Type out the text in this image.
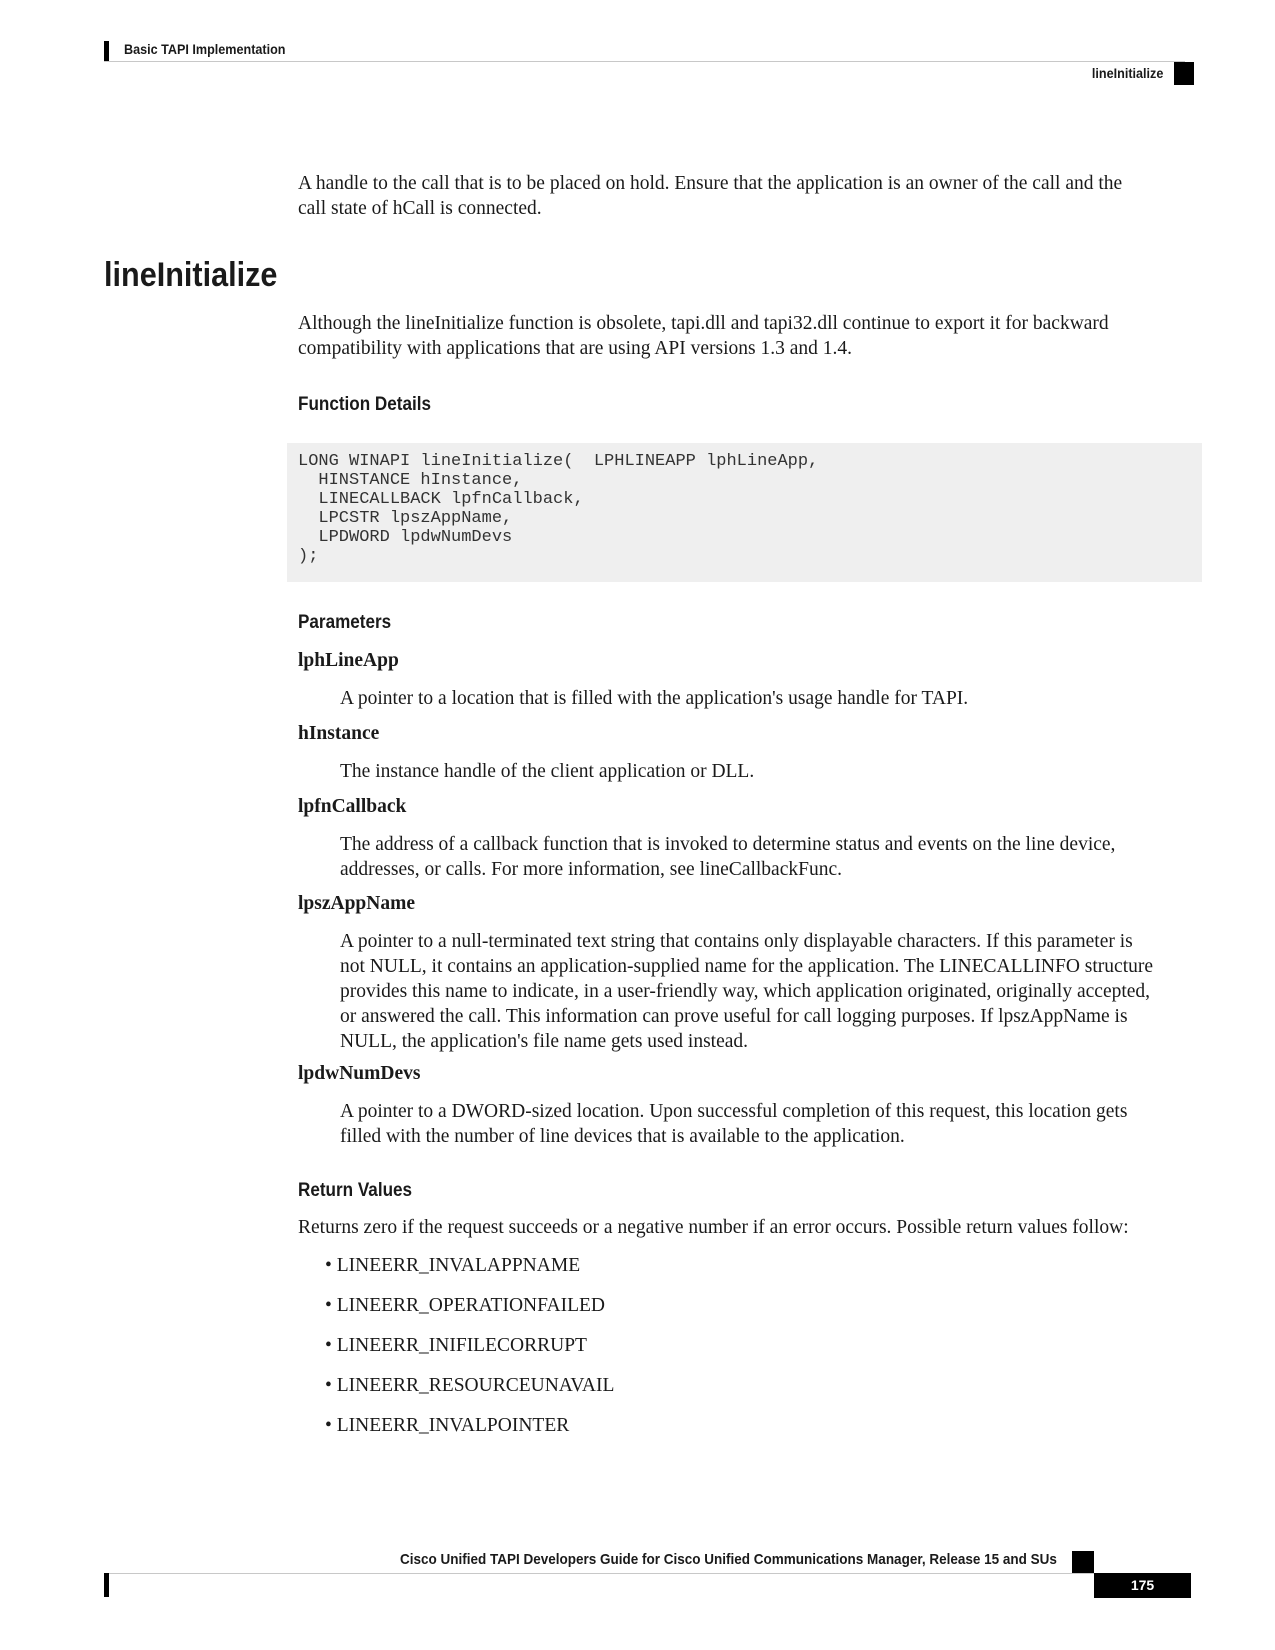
Basic TAPI Implementation
lineInitialize
A handle to the call that is to be placed on hold. Ensure that the application is an owner of the call and the
call state of hCall is connected.
lineInitialize
Although the lineInitialize function is obsolete, tapi.dll and tapi32.dll continue to export it for backward
compatibility with applications that are using API versions 1.3 and 1.4.
Function Details
LONG WINAPI lineInitialize(  LPHLINEAPP lphLineApp,
HINSTANCE hInstance,
LINECALLBACK lpfnCallback,
LPCSTR lpszAppName,
LPDWORD lpdwNumDevs
);
Parameters
lphLineApp
A pointer to a location that is filled with the application's usage handle for TAPI.
hInstance
The instance handle of the client application or DLL.
lpfnCallback
The address of a callback function that is invoked to determine status and events on the line device,
addresses, or calls. For more information, see lineCallbackFunc.
lpszAppName
A pointer to a null-terminated text string that contains only displayable characters. If this parameter is
not NULL, it contains an application-supplied name for the application. The LINECALLINFO structure
provides this name to indicate, in a user-friendly way, which application originated, originally accepted,
or answered the call. This information can prove useful for call logging purposes. If lpszAppName is
NULL, the application's file name gets used instead.
lpdwNumDevs
A pointer to a DWORD-sized location. Upon successful completion of this request, this location gets
filled with the number of line devices that is available to the application.
Return Values
Returns zero if the request succeeds or a negative number if an error occurs. Possible return values follow:
• LINEERR_INVALAPPNAME
• LINEERR_OPERATIONFAILED
• LINEERR_INIFILECORRUPT
• LINEERR_RESOURCEUNAVAIL
• LINEERR_INVALPOINTER
Cisco Unified TAPI Developers Guide for Cisco Unified Communications Manager, Release 15 and SUs
175
